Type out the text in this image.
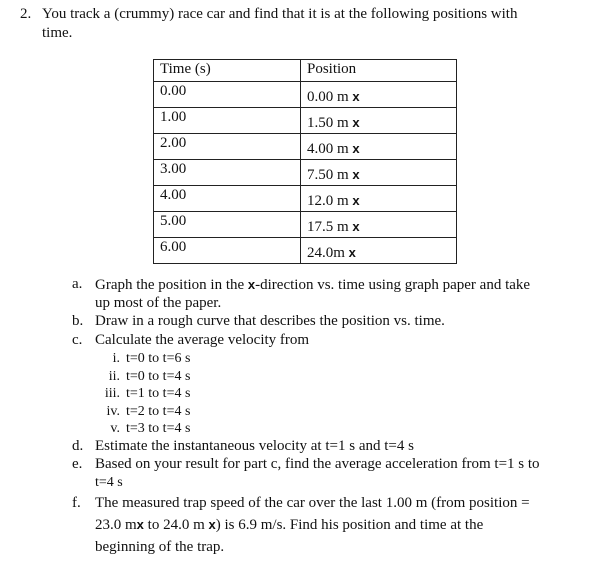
2. You track a (crummy) race car and find that it is at the following positions with
time.
Time (s)	Position
0.00	0.00 m x
1.00	1.50 m x
2.00	4.00 m x
3.00	7.50 m x
4.00	12.0 m x
5.00	17.5 m x
6.00	24.0m x
a. Graph the position in the x-direction vs. time using graph paper and take
up most of the paper.
b. Draw in a rough curve that describes the position vs. time.
c. Calculate the average velocity from
i. t=0 to t=6 s
ii. t=0 to t=4 s
iii. t=1 to t=4 s
iv. t=2 to t=4 s
v. t=3 to t=4 s
d. Estimate the instantaneous velocity at t=1 s and t=4 s
e. Based on your result for part c, find the average acceleration from t=1 s to
t=4 s
f. The measured trap speed of the car over the last 1.00 m (from position =
23.0 mx to 24.0 m x) is 6.9 m/s. Find his position and time at the
beginning of the trap.
